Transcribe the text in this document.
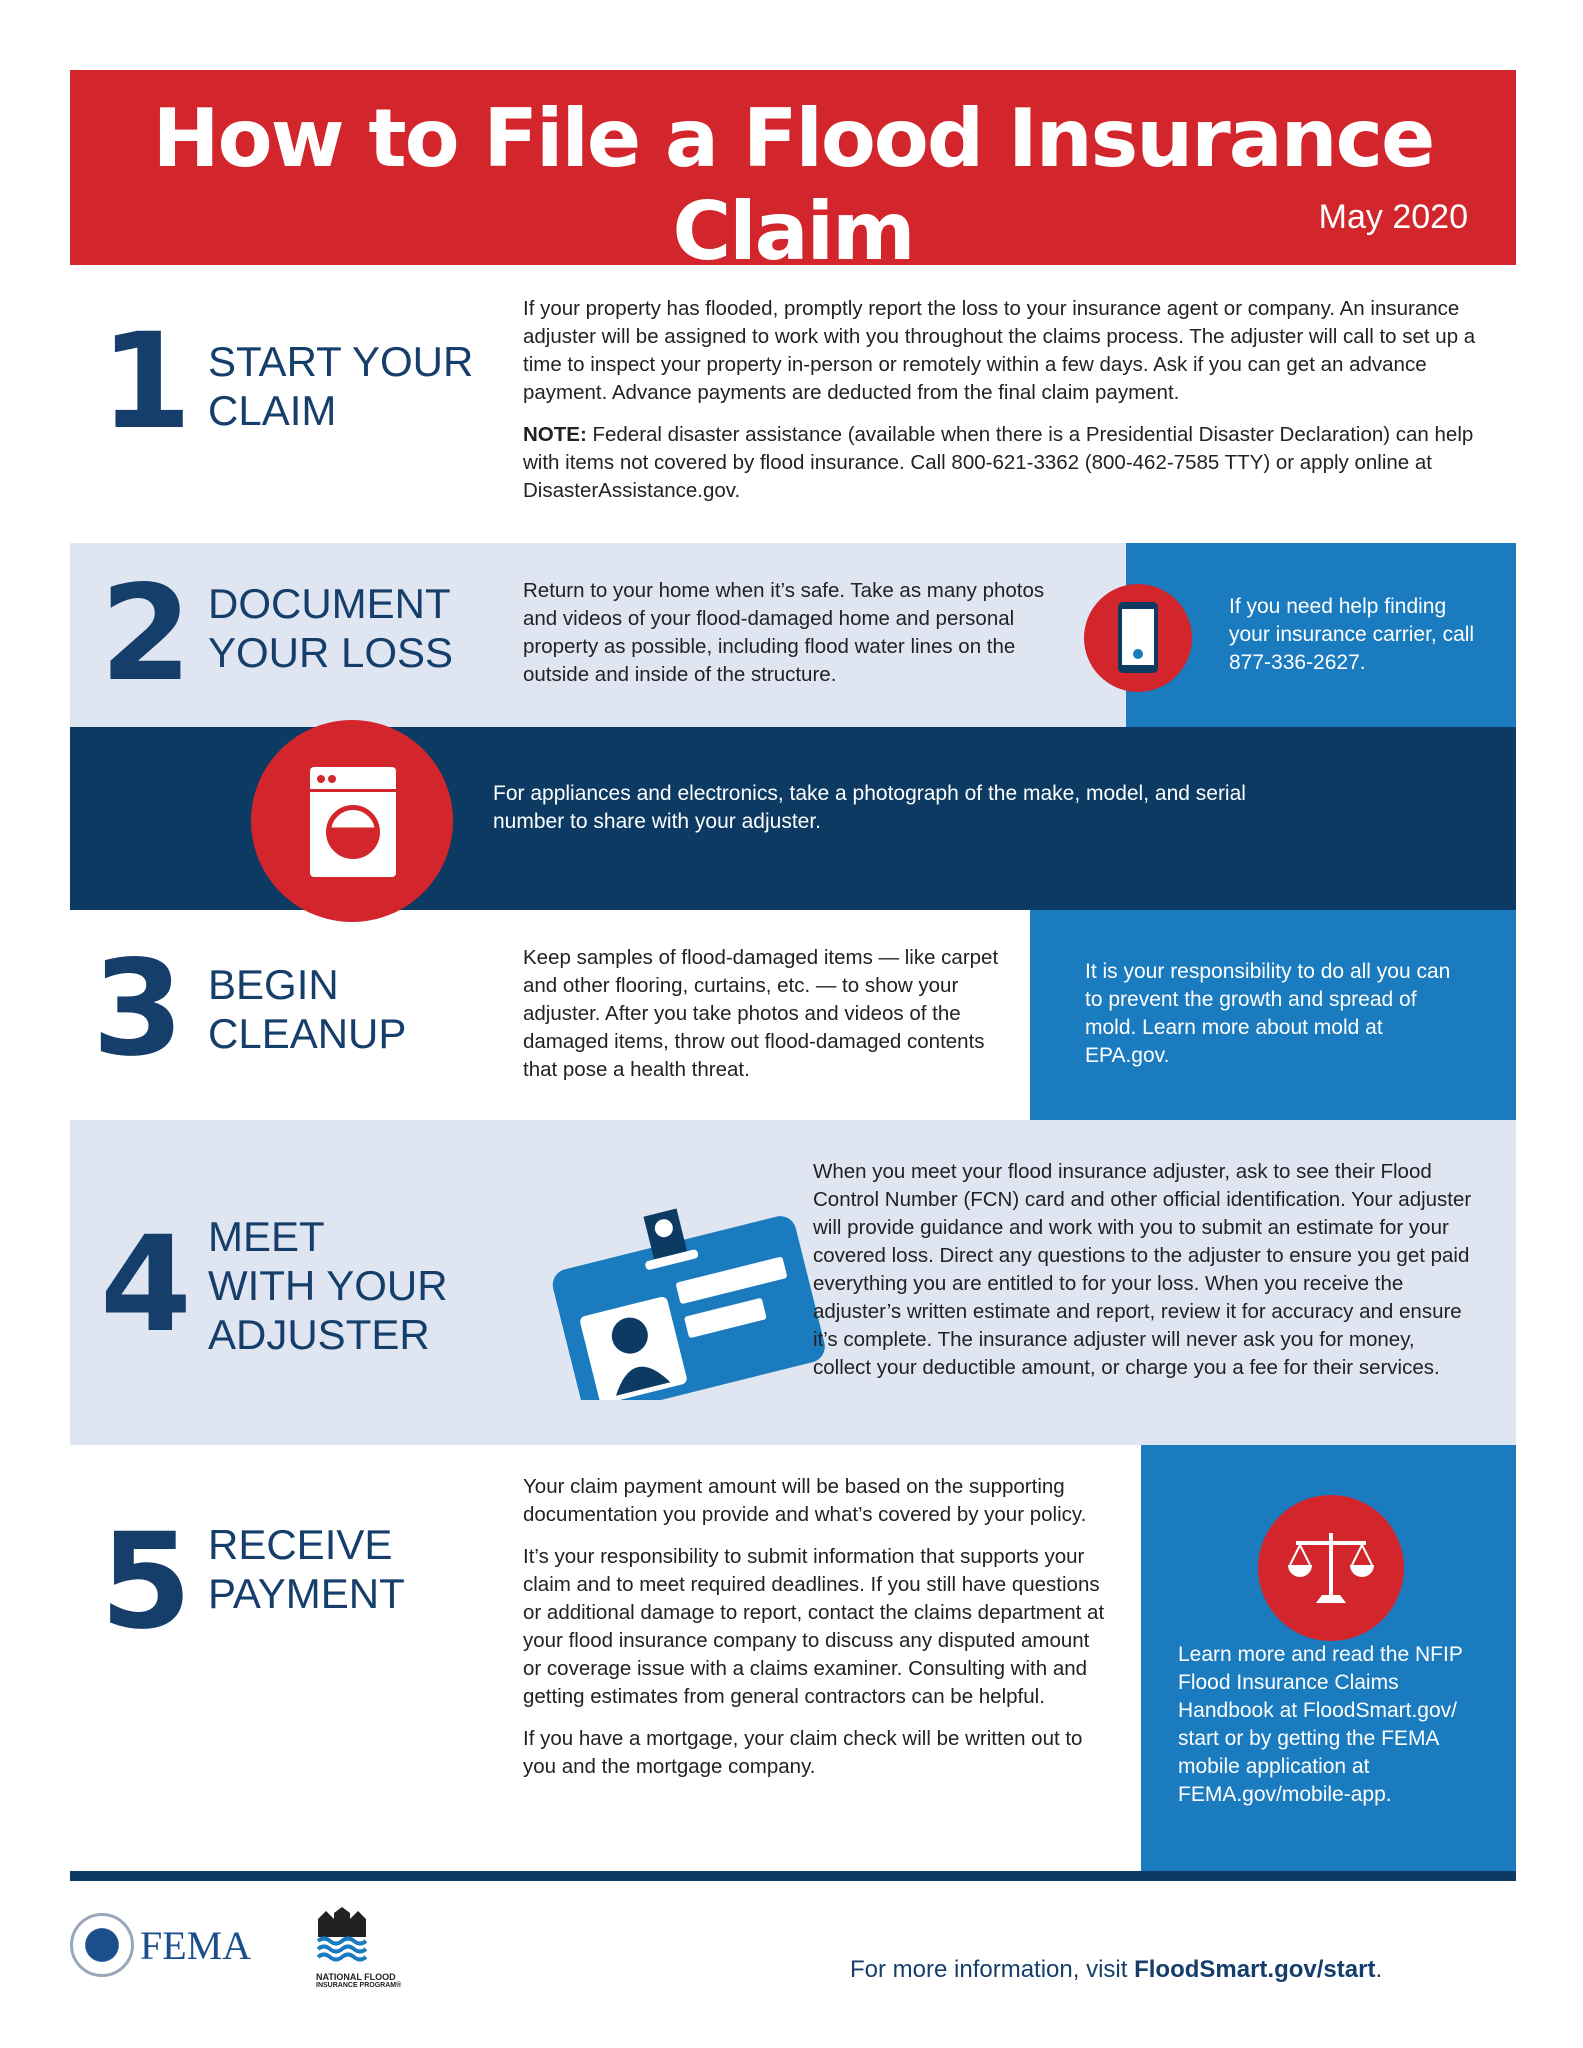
How to File a Flood Insurance Claim	May 2020
1 START YOUR
CLAIM

If your property has flooded, promptly report the loss to your insurance agent or company. An insurance adjuster will be assigned to work with you throughout the claims process. The adjuster will call to set up a time to inspect your property in-person or remotely within a few days. Ask if you can get an advance payment. Advance payments are deducted from the final claim payment.

NOTE: Federal disaster assistance (available when there is a Presidential Disaster Declaration) can help with items not covered by flood insurance. Call 800-621-3362 (800-462-7585 TTY) or apply online at DisasterAssistance.gov.

2 DOCUMENT
YOUR LOSS

Return to your home when it’s safe. Take as many photos and videos of your flood-damaged home and personal property as possible, including flood water lines on the outside and inside of the structure.

If you need help finding your insurance carrier, call 877-336-2627.
For appliances and electronics, take a photograph of the make, model, and serial number to share with your adjuster.
3 BEGIN
CLEANUP

Keep samples of flood-damaged items — like carpet and other flooring, curtains, etc. — to show your adjuster. After you take photos and videos of the damaged items, throw out flood-damaged contents that pose a health threat.

It is your responsibility to do all you can to prevent the growth and spread of mold. Learn more about mold at EPA.gov.
4 MEET
WITH YOUR
ADJUSTER

When you meet your flood insurance adjuster, ask to see their Flood Control Number (FCN) card and other official identification. Your adjuster will provide guidance and work with you to submit an estimate for your covered loss. Direct any questions to the adjuster to ensure you get paid everything you are entitled to for your loss. When you receive the adjuster’s written estimate and report, review it for accuracy and ensure it’s complete. The insurance adjuster will never ask you for money, collect your deductible amount, or charge you a fee for their services.

5 RECEIVE
PAYMENT

Your claim payment amount will be based on the supporting documentation you provide and what’s covered by your policy.

It’s your responsibility to submit information that supports your claim and to meet required deadlines. If you still have questions or additional damage to report, contact the claims department at your flood insurance company to discuss any disputed amount or coverage issue with a claims examiner. Consulting with and getting estimates from general contractors can be helpful.

If you have a mortgage, your claim check will be written out to you and the mortgage company.

Learn more and read the NFIP Flood Insurance Claims Handbook at FloodSmart.gov/ start or by getting the FEMA mobile application at FEMA.gov/mobile-app.
FEMA
NATIONAL FLOOD
INSURANCE PROGRAM®
For more information, visit FloodSmart.gov/start.
